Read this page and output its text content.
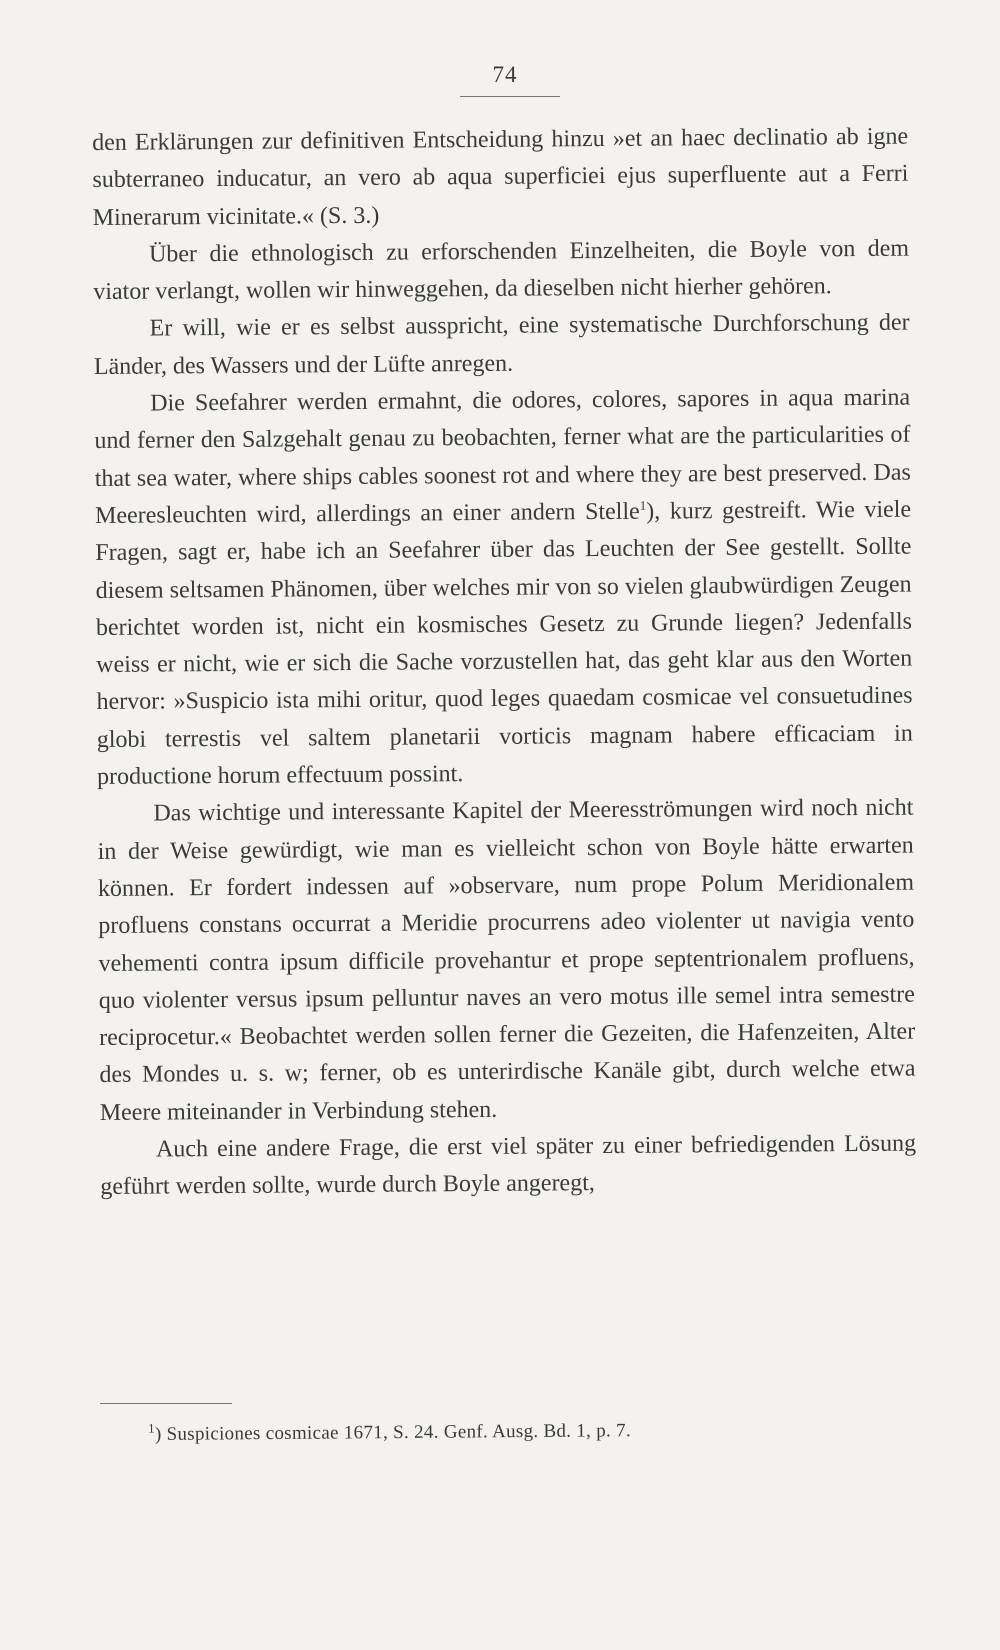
74

den Erklärungen zur definitiven Entscheidung hinzu »et an haec declinatio ab igne subterraneo inducatur, an vero ab aqua superficiei ejus superfluente aut a Ferri Minerarum vicinitate.« (S. 3.)

Über die ethnologisch zu erforschenden Einzelheiten, die Boyle von dem viator verlangt, wollen wir hinweggehen, da dieselben nicht hierher gehören.

Er will, wie er es selbst ausspricht, eine systematische Durchforschung der Länder, des Wassers und der Lüfte anregen.

Die Seefahrer werden ermahnt, die odores, colores, sapores in aqua marina und ferner den Salzgehalt genau zu beobachten, ferner what are the particularities of that sea water, where ships cables soonest rot and where they are best preserved. Das Meeresleuchten wird, allerdings an einer andern Stelle$^1$), kurz gestreift. Wie viele Fragen, sagt er, habe ich an Seefahrer über das Leuchten der See gestellt. Sollte diesem seltsamen Phänomen, über welches mir von so vielen glaubwürdigen Zeugen berichtet worden ist, nicht ein kosmisches Gesetz zu Grunde liegen? Jedenfalls weiss er nicht, wie er sich die Sache vorzustellen hat, das geht klar aus den Worten hervor: »Suspicio ista mihi oritur, quod leges quaedam cosmicae vel consuetudines globi terrestis vel saltem planetarii vorticis magnam habere efficaciam in productione horum effectuum possint.

Das wichtige und interessante Kapitel der Meeresströmungen wird noch nicht in der Weise gewürdigt, wie man es vielleicht schon von Boyle hätte erwarten können. Er fordert indessen auf »observare, num prope Polum Meridionalem profluens constans occurrat a Meridie procurrens adeo violenter ut navigia vento vehementi contra ipsum difficile provehantur et prope septentrionalem profluens, quo violenter versus ipsum pelluntur naves an vero motus ille semel intra semestre reciprocetur.« Beobachtet werden sollen ferner die Gezeiten, die Hafenzeiten, Alter des Mondes u. s. w; ferner, ob es unterirdische Kanäle gibt, durch welche etwa Meere miteinander in Verbindung stehen.

Auch eine andere Frage, die erst viel später zu einer befriedigenden Lösung geführt werden sollte, wurde durch Boyle angeregt,

$^1$) Suspiciones cosmicae 1671, S. 24. Genf. Ausg. Bd. 1, p. 7.
